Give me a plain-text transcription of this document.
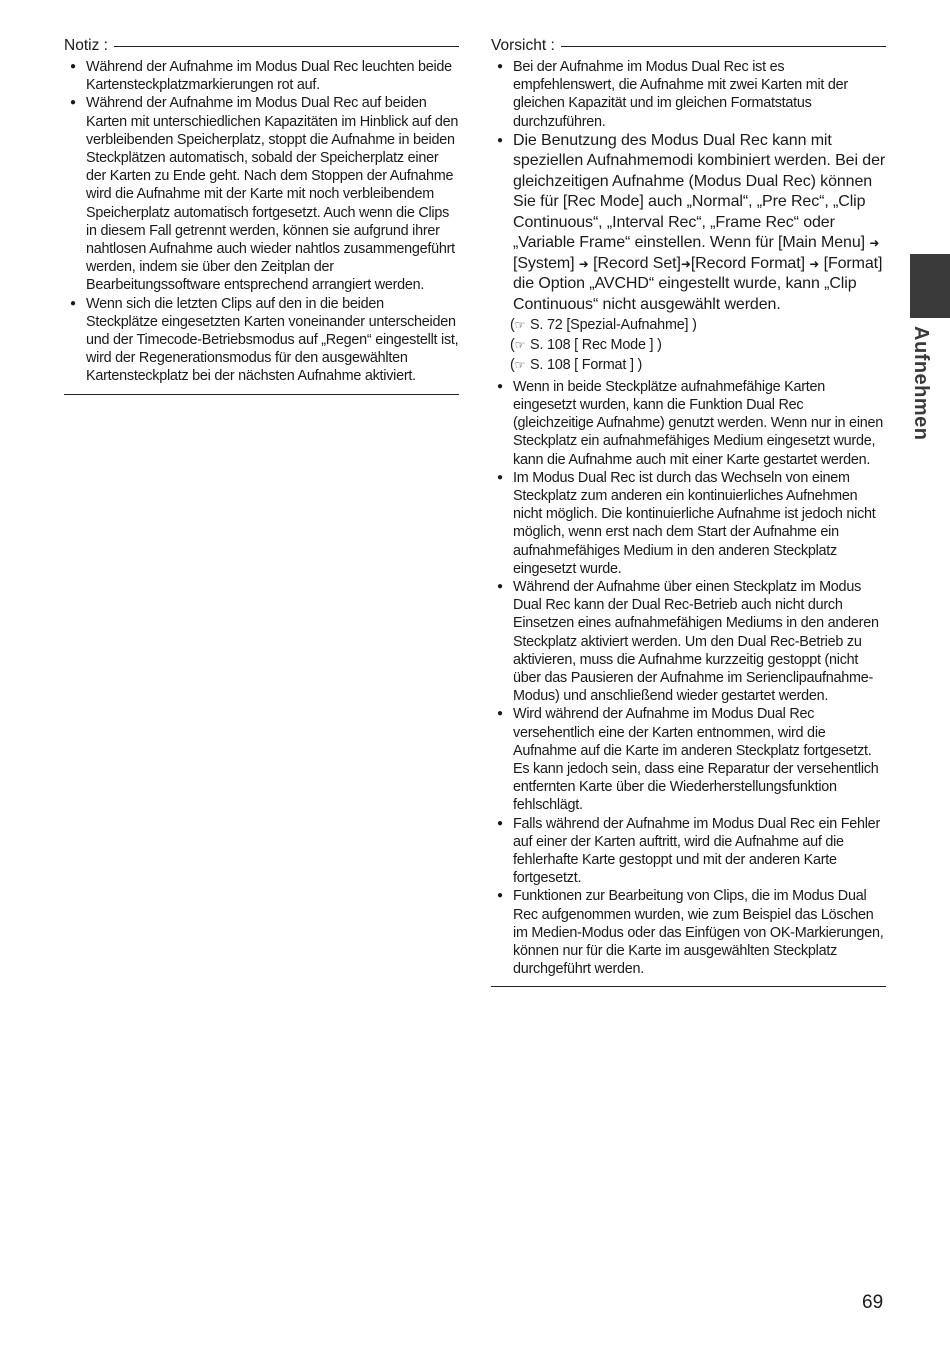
Notiz :
● Während der Aufnahme im Modus Dual Rec leuchten beide Kartensteckplatzmarkierungen rot auf.
● Während der Aufnahme im Modus Dual Rec auf beiden Karten mit unterschiedlichen Kapazitäten im Hinblick auf den verbleibenden Speicherplatz, stoppt die Aufnahme in beiden Steckplätzen automatisch, sobald der Speicherplatz einer der Karten zu Ende geht. Nach dem Stoppen der Aufnahme wird die Aufnahme mit der Karte mit noch verbleibendem Speicherplatz automatisch fortgesetzt. Auch wenn die Clips in diesem Fall getrennt werden, können sie aufgrund ihrer nahtlosen Aufnahme auch wieder nahtlos zusammengeführt werden, indem sie über den Zeitplan der Bearbeitungssoftware entsprechend arrangiert werden.
● Wenn sich die letzten Clips auf den in die beiden Steckplätze eingesetzten Karten voneinander unterscheiden und der Timecode-Betriebsmodus auf „Regen“ eingestellt ist, wird der Regenerationsmodus für den ausgewählten Kartensteckplatz bei der nächsten Aufnahme aktiviert.
Vorsicht :
● Bei der Aufnahme im Modus Dual Rec ist es empfehlenswert, die Aufnahme mit zwei Karten mit der gleichen Kapazität und im gleichen Formatstatus durchzuführen.
● Die Benutzung des Modus Dual Rec kann mit speziellen Aufnahmemodi kombiniert werden. Bei der gleichzeitigen Aufnahme (Modus Dual Rec) können Sie für [Rec Mode] auch „Normal“, „Pre Rec“, „Clip Continuous“, „Interval Rec“, „Frame Rec“ oder „Variable Frame“ einstellen. Wenn für [Main Menu] ➜ [System] ➜ [Record Set]➜[Record Format] ➜ [Format] die Option „AVCHD“ eingestellt wurde, kann „Clip Continuous“ nicht ausgewählt werden.
(☞ S. 72 [Spezial-Aufnahme] )
(☞ S. 108 [ Rec Mode ] )
(☞ S. 108 [ Format ] )
● Wenn in beide Steckplätze aufnahmefähige Karten eingesetzt wurden, kann die Funktion Dual Rec (gleichzeitige Aufnahme) genutzt werden. Wenn nur in einen Steckplatz ein aufnahmefähiges Medium eingesetzt wurde, kann die Aufnahme auch mit einer Karte gestartet werden.
● Im Modus Dual Rec ist durch das Wechseln von einem Steckplatz zum anderen ein kontinuierliches Aufnehmen nicht möglich. Die kontinuierliche Aufnahme ist jedoch nicht möglich, wenn erst nach dem Start der Aufnahme ein aufnahmefähiges Medium in den anderen Steckplatz eingesetzt wurde.
● Während der Aufnahme über einen Steckplatz im Modus Dual Rec kann der Dual Rec-Betrieb auch nicht durch Einsetzen eines aufnahmefähigen Mediums in den anderen Steckplatz aktiviert werden. Um den Dual Rec-Betrieb zu aktivieren, muss die Aufnahme kurzzeitig gestoppt (nicht über das Pausieren der Aufnahme im Serienclipaufnahme-Modus) und anschließend wieder gestartet werden.
● Wird während der Aufnahme im Modus Dual Rec versehentlich eine der Karten entnommen, wird die Aufnahme auf die Karte im anderen Steckplatz fortgesetzt. Es kann jedoch sein, dass eine Reparatur der versehentlich entfernten Karte über die Wiederherstellungsfunktion fehlschlägt.
● Falls während der Aufnahme im Modus Dual Rec ein Fehler auf einer der Karten auftritt, wird die Aufnahme auf die fehlerhafte Karte gestoppt und mit der anderen Karte fortgesetzt.
● Funktionen zur Bearbeitung von Clips, die im Modus Dual Rec aufgenommen wurden, wie zum Beispiel das Löschen im Medien-Modus oder das Einfügen von OK-Markierungen, können nur für die Karte im ausgewählten Steckplatz durchgeführt werden.
Aufnehmen
69
